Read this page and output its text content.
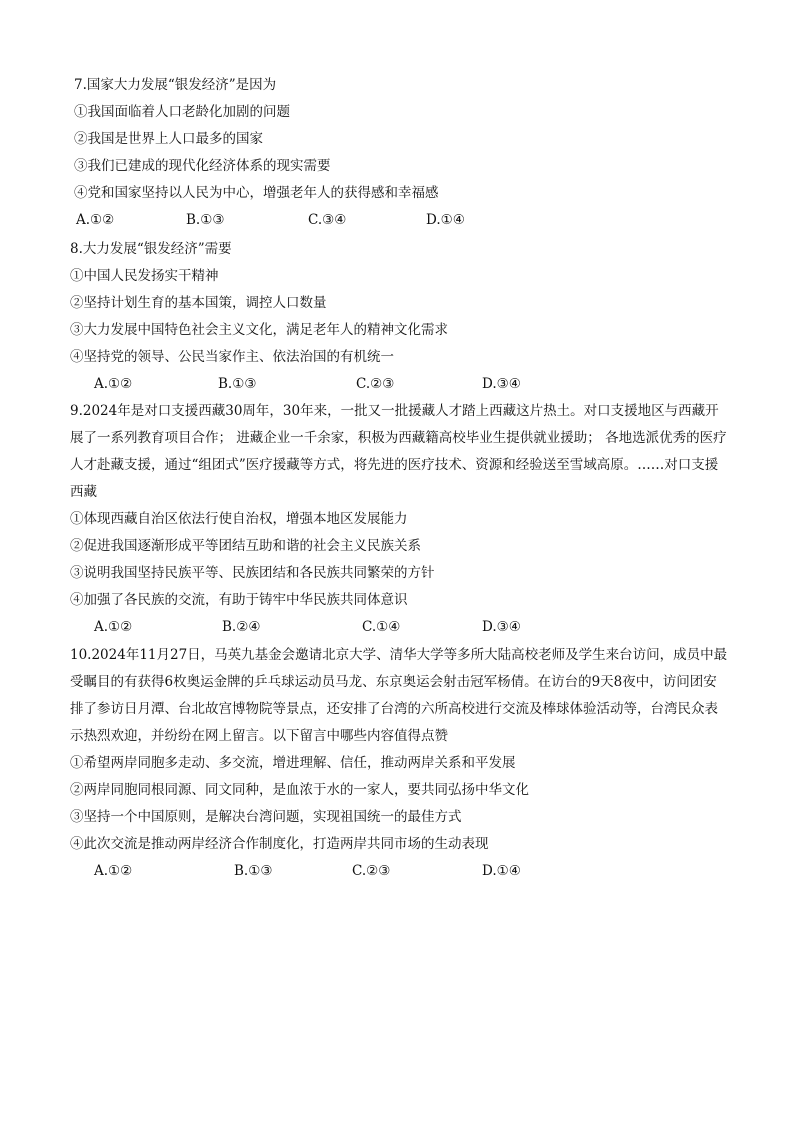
7.国家大力发展“银发经济”是因为
①我国面临着人口老龄化加剧的问题
②我国是世界上人口最多的国家
③我们已建成的现代化经济体系的现实需要
④党和国家坚持以人民为中心，增强老年人的获得感和幸福感
A.①②	B.①③	C.③④	D.①④
8.大力发展“银发经济”需要
①中国人民发扬实干精神
②坚持计划生育的基本国策，调控人口数量
③大力发展中国特色社会主义文化，满足老年人的精神文化需求
④坚持党的领导、公民当家作主、依法治国的有机统一
A.①②	B.①③	C.②③	D.③④
9.2024年是对口支援西藏30周年，30年来，一批又一批援藏人才踏上西藏这片热土。对口支援地区与西藏开展了一系列教育项目合作； 进藏企业一千余家，积极为西藏籍高校毕业生提供就业援助； 各地选派优秀的医疗人才赴藏支援，通过“组团式”医疗援藏等方式，将先进的医疗技术、资源和经验送至雪域高原。……对口支援西藏
①体现西藏自治区依法行使自治权，增强本地区发展能力
②促进我国逐渐形成平等团结互助和谐的社会主义民族关系
③说明我国坚持民族平等、民族团结和各民族共同繁荣的方针
④加强了各民族的交流，有助于铸牢中华民族共同体意识
A.①②	B.②④	C.①④	D.③④
10.2024年11月27日，马英九基金会邀请北京大学、清华大学等多所大陆高校老师及学生来台访问，成员中最受瞩目的有获得6枚奥运金牌的乒乓球运动员马龙、东京奥运会射击冠军杨倩。在访台的9天8夜中，访问团安排了参访日月潭、台北故宫博物院等景点，还安排了台湾的六所高校进行交流及棒球体验活动等，台湾民众表示热烈欢迎，并纷纷在网上留言。以下留言中哪些内容值得点赞
①希望两岸同胞多走动、多交流，增进理解、信任，推动两岸关系和平发展
②两岸同胞同根同源、同文同种，是血浓于水的一家人，要共同弘扬中华文化
③坚持一个中国原则，是解决台湾问题，实现祖国统一的最佳方式
④此次交流是推动两岸经济合作制度化，打造两岸共同市场的生动表现
A.①②	B.①③	C.②③	D.①④
